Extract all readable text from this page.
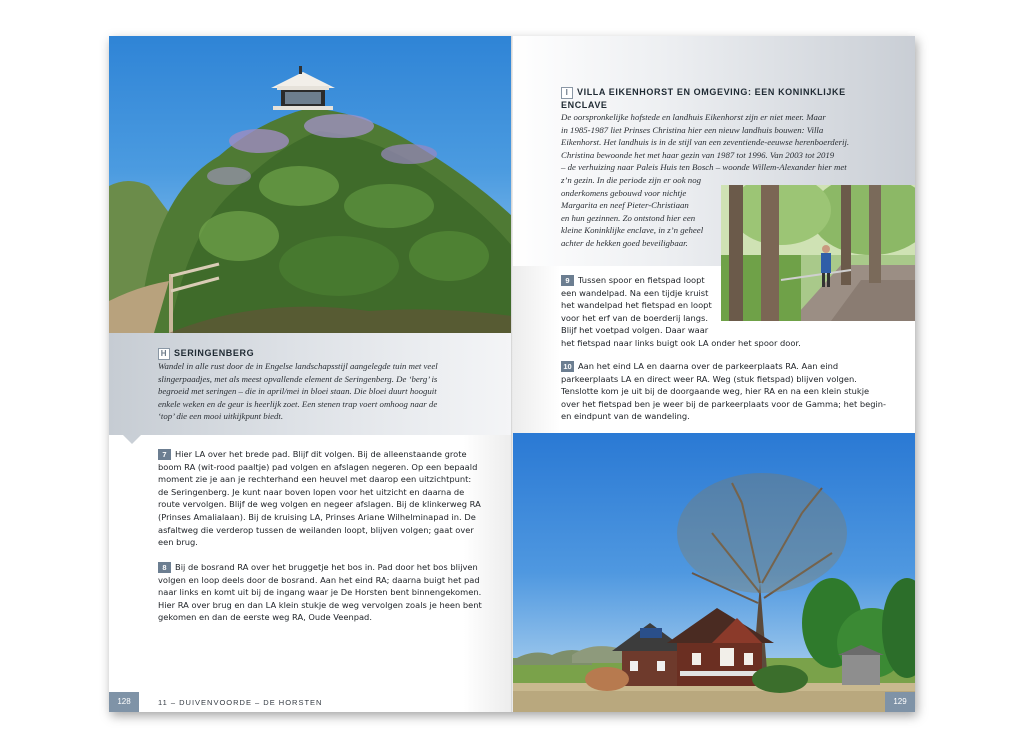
H SERINGENBERG
Wandel in alle rust door de in Engelse landschapsstijl aangelegde tuin met veel
slingerpaadjes, met als meest opvallende element de Seringenberg. De ‘berg’ is
begroeid met seringen – die in april/mei in bloei staan. Die bloei duurt hooguit
enkele weken en de geur is heerlijk zoet. Een stenen trap voert omhoog naar de
‘top’ die een mooi uitkijkpunt biedt.
7 Hier LA over het brede pad. Blijf dit volgen. Bij de alleenstaande grote
boom RA (wit-rood paaltje) pad volgen en afslagen negeren. Op een bepaald
moment zie je aan je rechterhand een heuvel met daarop een uitzichtpunt:
de Seringenberg. Je kunt naar boven lopen voor het uitzicht en daarna de
route vervolgen. Blijf de weg volgen en negeer afslagen. Bij de klinkerweg RA
(Prinses Amalialaan). Bij de kruising LA, Prinses Ariane Wilhelminapad in. De
asfaltweg die verderop tussen de weilanden loopt, blijven volgen; gaat over
een brug.
8 Bij de bosrand RA over het bruggetje het bos in. Pad door het bos blijven
volgen en loop deels door de bosrand. Aan het eind RA; daarna buigt het pad
naar links en komt uit bij de ingang waar je De Horsten bent binnengekomen.
Hier RA over brug en dan LA klein stukje de weg vervolgen zoals je heen bent
gekomen en dan de eerste weg RA, Oude Veenpad.
128	11 – DUIVENVOORDE – DE HORSTEN
I VILLA EIKENHORST EN OMGEVING: EEN KONINKLIJKE
ENCLAVE
De oorspronkelijke hofstede en landhuis Eikenhorst zijn er niet meer. Maar
in 1985-1987 liet Prinses Christina hier een nieuw landhuis bouwen: Villa
Eikenhorst. Het landhuis is in de stijl van een zeventiende-eeuwse herenboerderij.
Christina bewoonde het met haar gezin van 1987 tot 1996. Van 2003 tot 2019
– de verhuizing naar Paleis Huis ten Bosch – woonde Willem-Alexander hier met
z’n gezin. In die periode zijn er ook nog
onderkomens gebouwd voor nichtje
Margarita en neef Pieter-Christiaan
en hun gezinnen. Zo ontstond hier een
kleine Koninklijke enclave, in z’n geheel
achter de hekken goed beveiligbaar.
9 Tussen spoor en fietspad loopt
een wandelpad. Na een tijdje kruist
het wandelpad het fietspad en loopt
voor het erf van de boerderij langs.
Blijf het voetpad volgen. Daar waar
het fietspad naar links buigt ook LA onder het spoor door.
10 Aan het eind LA en daarna over de parkeerplaats RA. Aan eind
parkeerplaats LA en direct weer RA. Weg (stuk fietspad) blijven volgen.
Tenslotte kom je uit bij de doorgaande weg, hier RA en na een klein stukje
over het fietspad ben je weer bij de parkeerplaats voor de Gamma; het begin-
en eindpunt van de wandeling.
129
